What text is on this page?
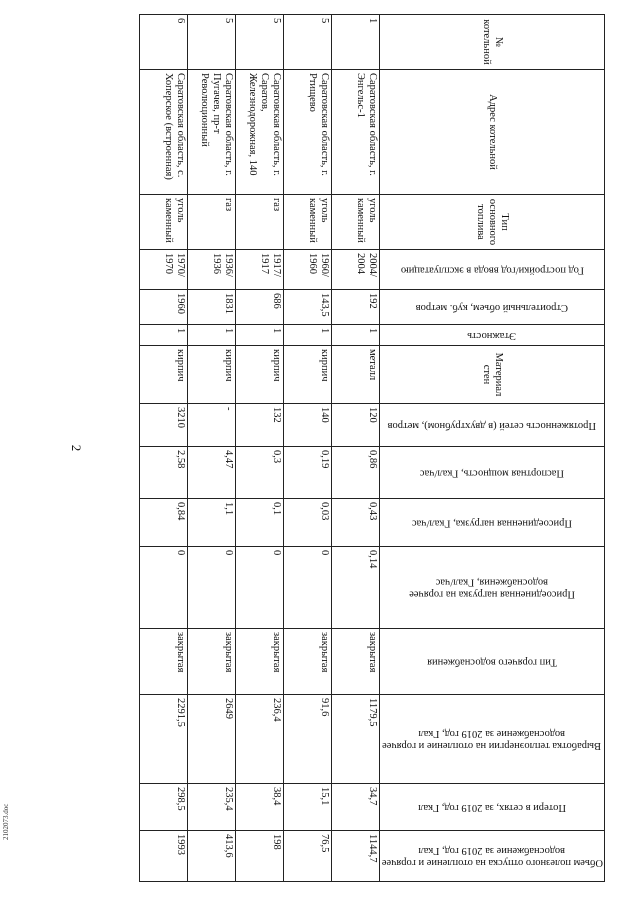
2
2102073.doc
№ котельной	Адрес котельной	Тип основного топлива	Год постройки/год ввода в эксплуатацию	Строительный объем, куб. метров	Этажность	Материал стен	Протяженность сетей (в двухтрубном), метров	Паспортная мощность, Гкал/час	Присоединенная нагрузка, Гкал/час	Присоединенная нагрузка на горячее водоснабжения, Гкал/час	Тип горячего водоснабжения	Выработка теплоэнергии на отопление и горячее водоснабжение за 2019 год, Гкал	Потери в сетях, за 2019 год, Гкал	Объем полезного отпуска на отопление и горячее водоснабжение за 2019 год, Гкал
1	Саратовская область, г. Энгельс-1	уголь каменный	2004/ 2004	192	1	металл	120	0,86	0,43	0,14	закрытая	1179,5	34,7	1144,7
5	Саратовская область, г. Ртищево	уголь каменный	1960/ 1960	143,5	1	кирпич	140	0,19	0,03	0	закрытая	91,6	15,1	76,5
5	Саратовская область, г. Саратов, Железнодорожная, 140	газ	1917/ 1917	686	1	кирпич	132	0,3	0,1	0	закрытая	236,4	38,4	198
5	Саратовская область, г. Пугачев, пр-т Революционный	газ	1936/ 1936	1831	1	кирпич	-	4,47	1,1	0	закрытая	2649	235,4	413,6
6	Саратовская область, с. Хоперское (встроенная)	уголь каменный	1970/ 1970	1960	1	кирпич	3210	2,58	0,84	0	закрытая	2291,5	298,5	1993
